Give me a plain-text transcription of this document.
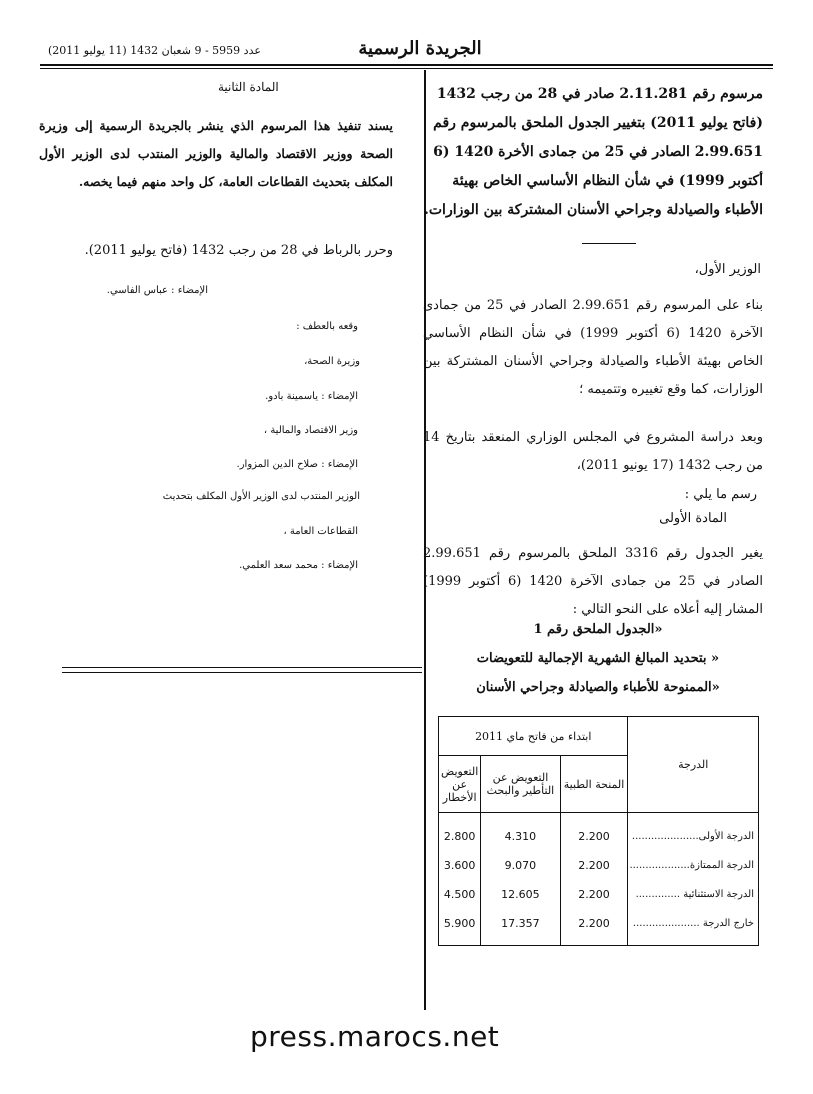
الجريدة الرسمية
عدد 5959 - 9 شعبان 1432 (11 يوليو 2011)
مرسوم رقم 2.11.281 صادر في 28 من رجب 1432 (فاتح يوليو 2011) بتغيير الجدول الملحق بالمرسوم رقم 2.99.651 الصادر في 25 من جمادى الأخرة 1420 (6 أكتوبر 1999) في شأن النظام الأساسي الخاص بهيئة الأطباء والصيادلة وجراحي الأسنان المشتركة بين الوزارات.
الوزير الأول،
بناء على المرسوم رقم 2.99.651 الصادر في 25 من جمادى الآخرة 1420 (6 أكتوبر 1999) في شأن النظام الأساسي الخاص بهيئة الأطباء والصيادلة وجراحي الأسنان المشتركة بين الوزارات، كما وقع تغييره وتتميمه ؛
وبعد دراسة المشروع في المجلس الوزاري المنعقد بتاريخ 14 من رجب 1432 (17 يونيو 2011)،
رسم ما يلي :
المادة الأولى
يغير الجدول رقم 3316 الملحق بالمرسوم رقم 2.99.651 الصادر في 25 من جمادى الآخرة 1420 (6 أكتوبر 1999) المشار إليه أعلاه على النحو التالي :
«الجدول الملحق رقم 1
« بتحديد المبالغ الشهرية الإجمالية للتعويضات
«الممنوحة للأطباء والصيادلة وجراحي الأسنان
الدرجة	ابتداء من فاتح ماي 2011		
	المنحة الطبية	التعويض عن التأطير والبحث	التعويض عن الأخطار
الدرجة الأولى.....................	2.200	4.310	2.800
الدرجة الممتازة...................	2.200	9.070	3.600
الدرجة الاستثنائية ..............	2.200	12.605	4.500
خارج الدرجة .....................	2.200	17.357	5.900
المادة الثانية
يسند تنفيذ هذا المرسوم الذي ينشر بالجريدة الرسمية إلى وزيرة الصحة ووزير الاقتصاد والمالية والوزير المنتدب لدى الوزير الأول المكلف بتحديث القطاعات العامة، كل واحد منهم فيما يخصه.
وحرر بالرباط في 28 من رجب 1432 (فاتح يوليو 2011).
الإمضاء : عباس الفاسي.
وقعه بالعطف :
وزيرة الصحة،
الإمضاء : ياسمينة بادو.
وزير الاقتصاد والمالية ،
الإمضاء : صلاح الدين المزوار.
الوزير المنتدب لدى الوزير الأول المكلف بتحديث
القطاعات العامة ،
الإمضاء : محمد سعد العلمي.
press.marocs.net
